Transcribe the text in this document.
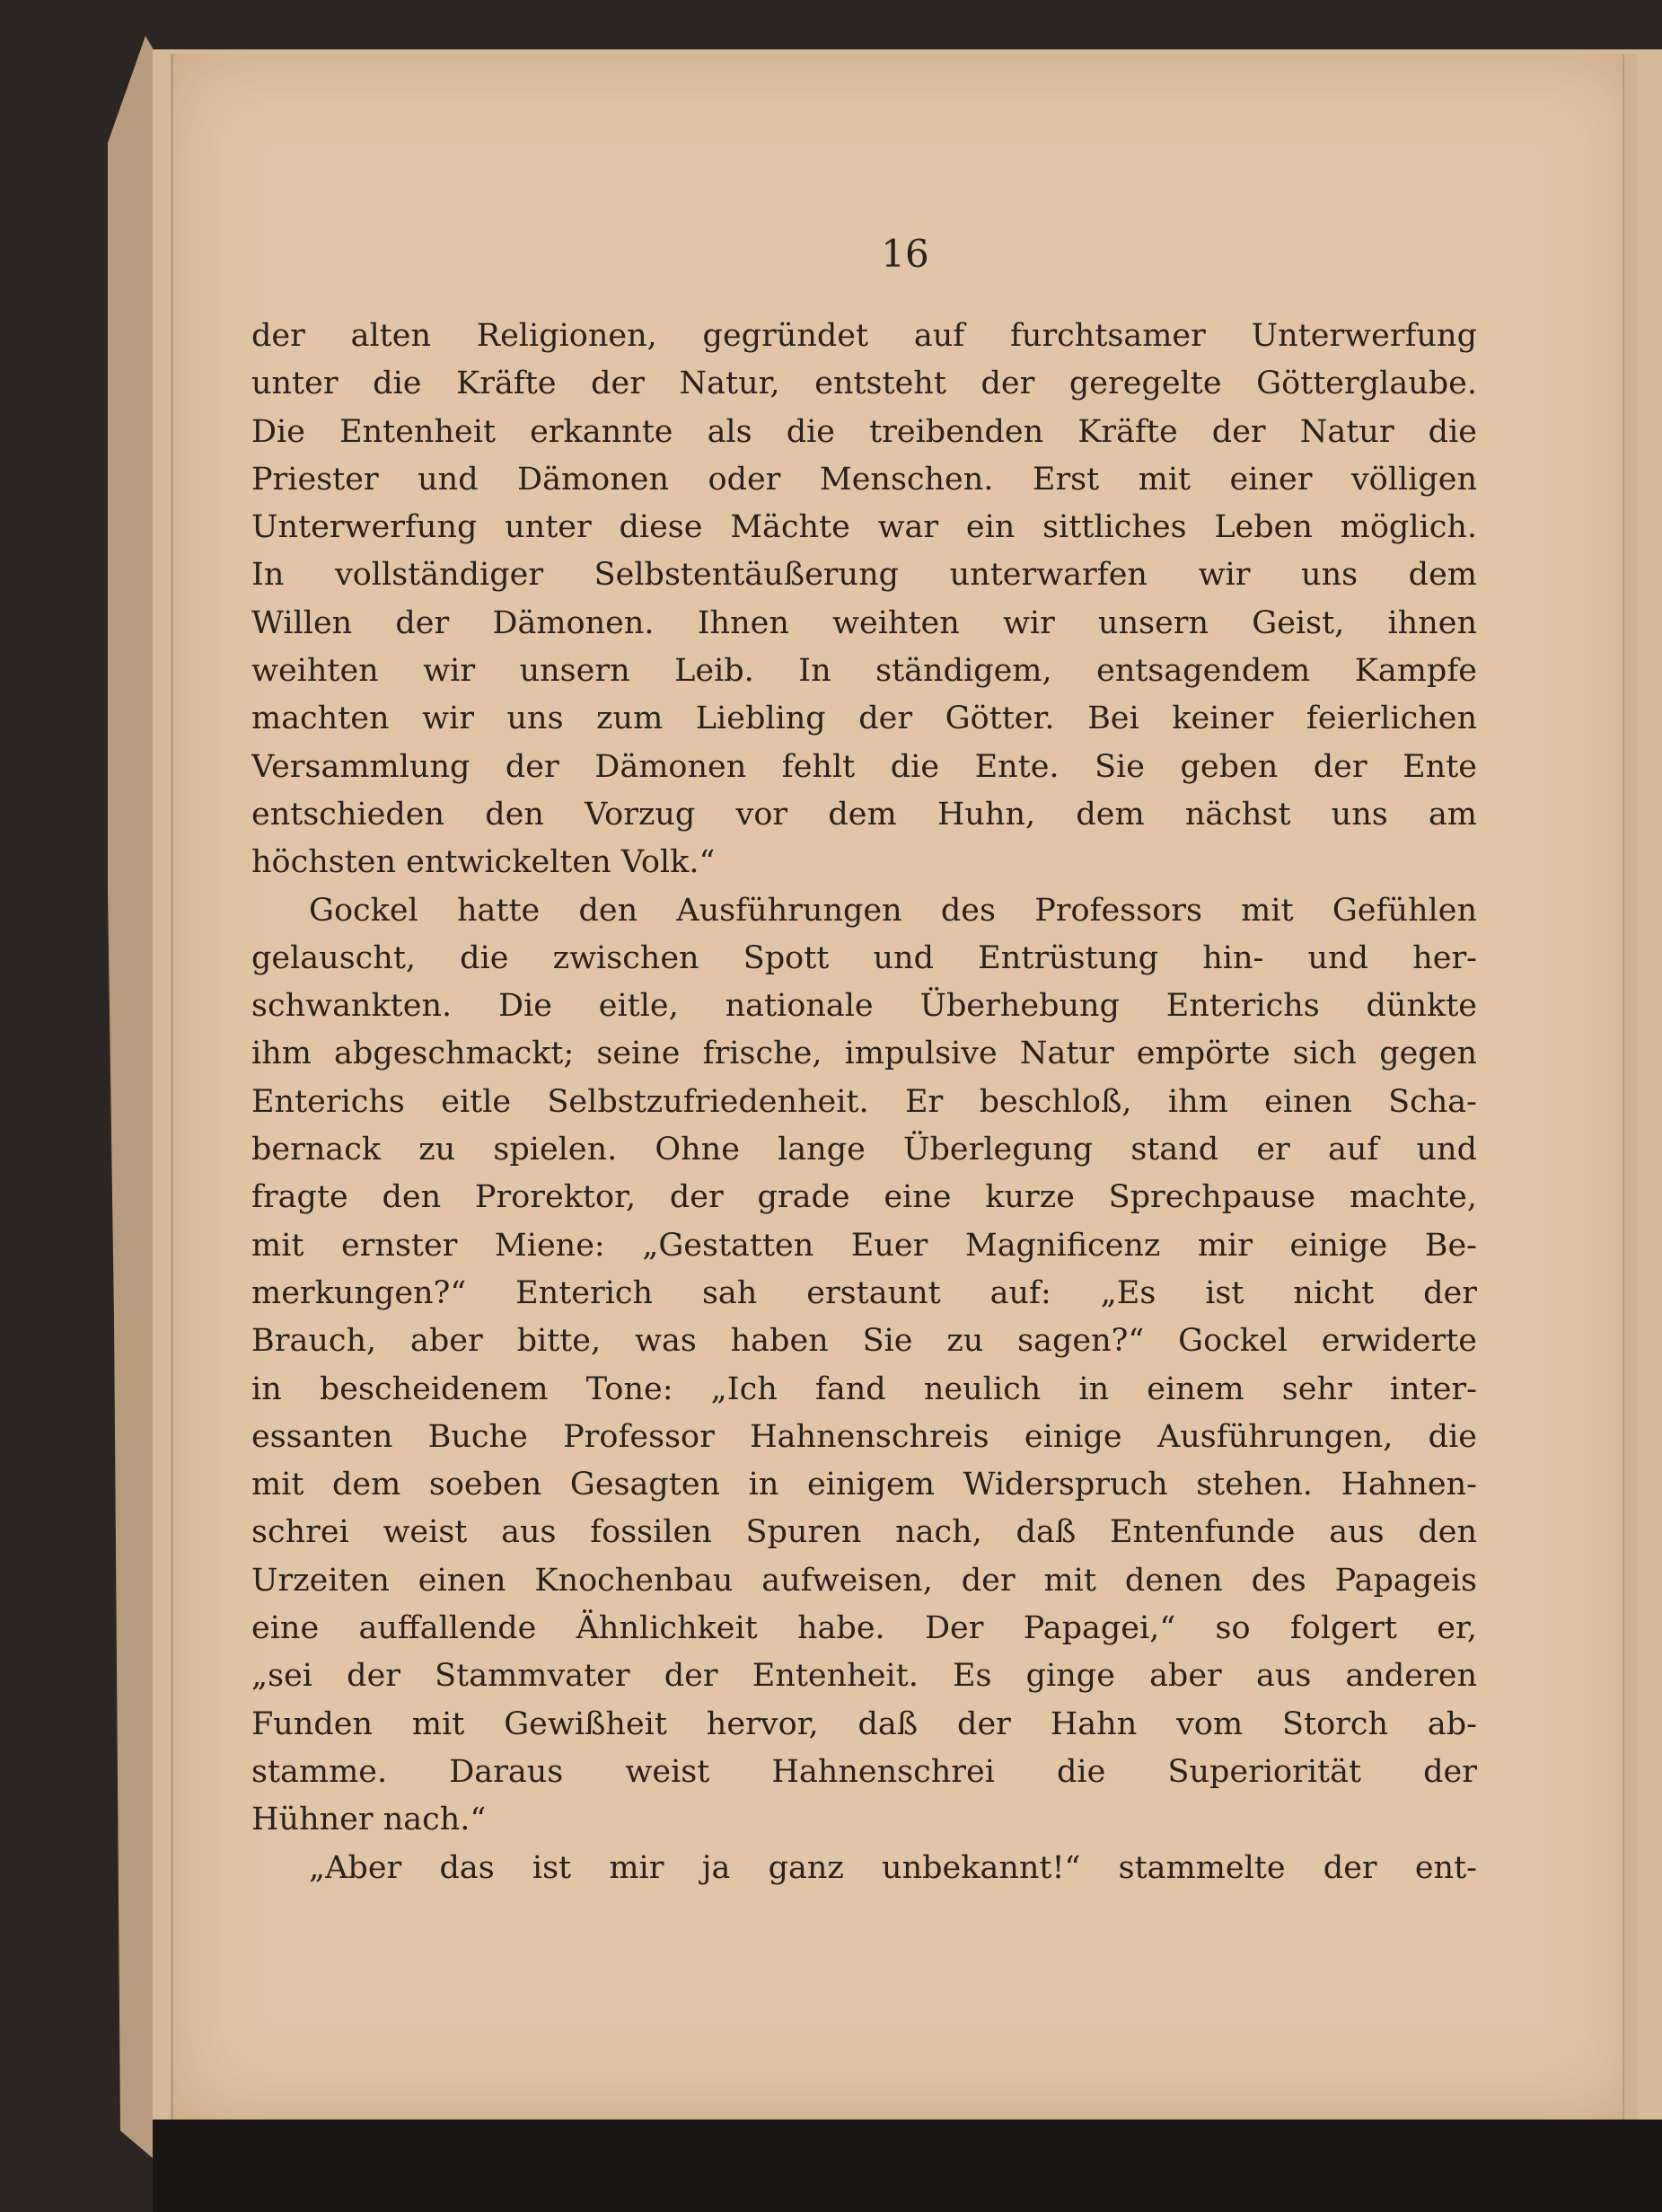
16
der alten Religionen, gegründet auf furchtsamer Unterwerfung
unter die Kräfte der Natur, entsteht der geregelte Götterglaube.
Die Entenheit erkannte als die treibenden Kräfte der Natur die
Priester und Dämonen oder Menschen. Erst mit einer völligen
Unterwerfung unter diese Mächte war ein sittliches Leben möglich.
In vollständiger Selbstentäußerung unterwarfen wir uns dem
Willen der Dämonen. Ihnen weihten wir unsern Geist, ihnen
weihten wir unsern Leib. In ständigem, entsagendem Kampfe
machten wir uns zum Liebling der Götter. Bei keiner feierlichen
Versammlung der Dämonen fehlt die Ente. Sie geben der Ente
entschieden den Vorzug vor dem Huhn, dem nächst uns am
höchsten entwickelten Volk.“
Gockel hatte den Ausführungen des Professors mit Gefühlen
gelauscht, die zwischen Spott und Entrüstung hin- und her-
schwankten. Die eitle, nationale Überhebung Enterichs dünkte
ihm abgeschmackt; seine frische, impulsive Natur empörte sich gegen
Enterichs eitle Selbstzufriedenheit. Er beschloß, ihm einen Scha-
bernack zu spielen. Ohne lange Überlegung stand er auf und
fragte den Prorektor, der grade eine kurze Sprechpause machte,
mit ernster Miene: „Gestatten Euer Magnificenz mir einige Be-
merkungen?“ Enterich sah erstaunt auf: „Es ist nicht der
Brauch, aber bitte, was haben Sie zu sagen?“ Gockel erwiderte
in bescheidenem Tone: „Ich fand neulich in einem sehr inter-
essanten Buche Professor Hahnenschreis einige Ausführungen, die
mit dem soeben Gesagten in einigem Widerspruch stehen. Hahnen-
schrei weist aus fossilen Spuren nach, daß Entenfunde aus den
Urzeiten einen Knochenbau aufweisen, der mit denen des Papageis
eine auffallende Ähnlichkeit habe. Der Papagei,“ so folgert er,
„sei der Stammvater der Entenheit. Es ginge aber aus anderen
Funden mit Gewißheit hervor, daß der Hahn vom Storch ab-
stamme. Daraus weist Hahnenschrei die Superiorität der
Hühner nach.“
„Aber das ist mir ja ganz unbekannt!“ stammelte der ent-
